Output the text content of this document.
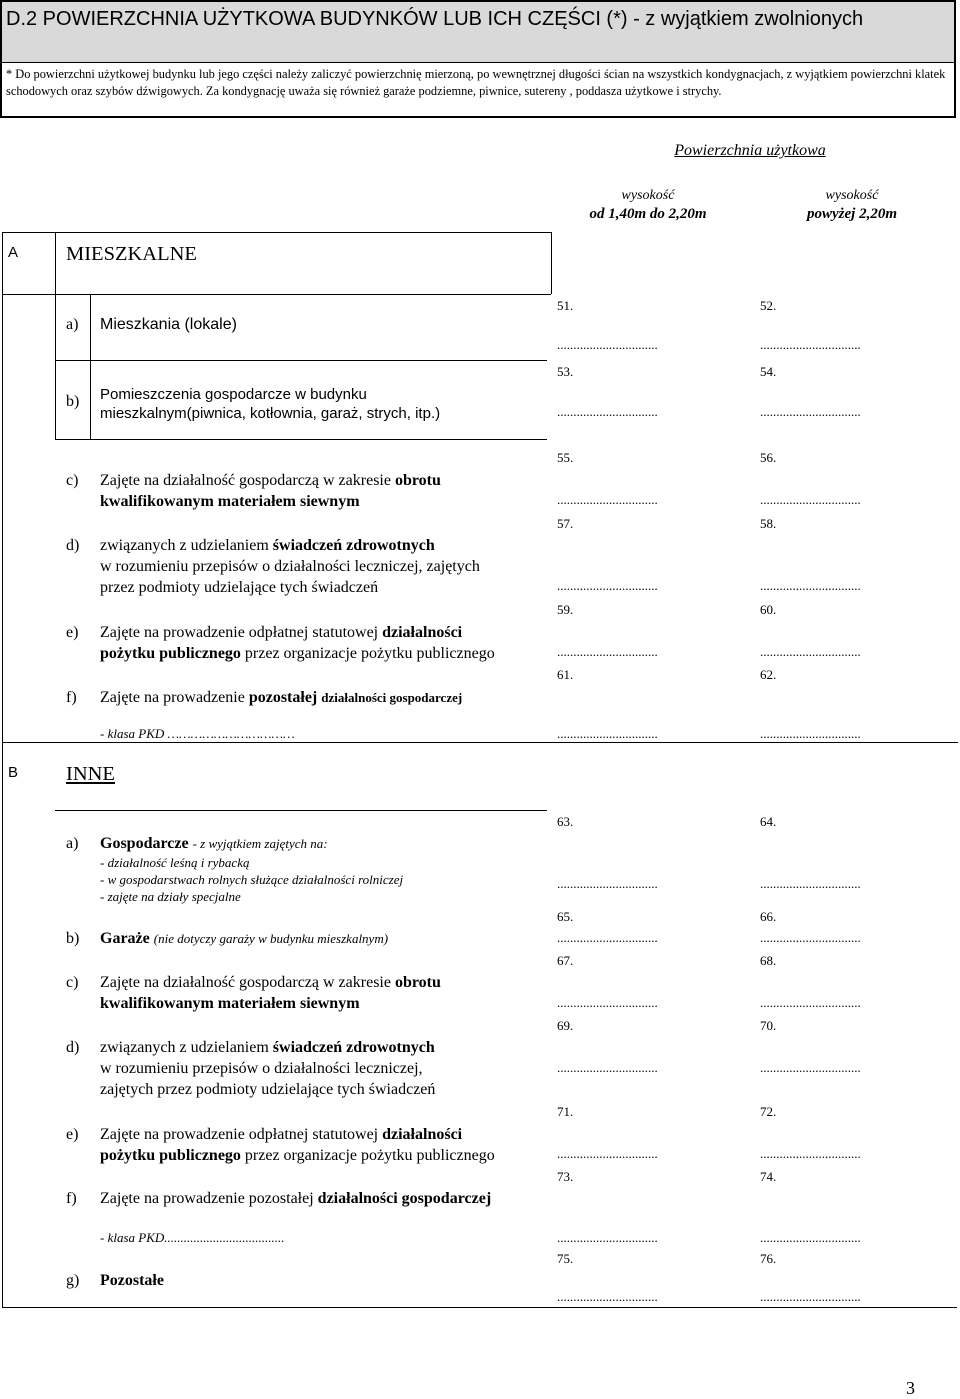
D.2 POWIERZCHNIA UŻYTKOWA BUDYNKÓW LUB ICH CZĘŚCI (*) - z wyjątkiem zwolnionych
* Do powierzchni użytkowej budynku lub jego części należy zaliczyć powierzchnię mierzoną, po wewnętrznej długości ścian na wszystkich kondygnacjach, z wyjątkiem powierzchni klatek schodowych oraz szybów dźwigowych. Za kondygnację uważa się również garaże podziemne, piwnice, sutereny , poddasza użytkowe i strychy.
Powierzchnia użytkowa
wysokość
od 1,40m do 2,20m
wysokość
powyżej 2,20m
A MIESZKALNE
a) Mieszkania (lokale)
51.
...............................
52.
...............................
b) Pomieszczenia gospodarcze w budynku
mieszkalnym(piwnica, kotłownia, garaż, strych, itp.)
53.
...............................
54.
...............................
c) Zajęte na działalność gospodarczą w zakresie obrotu
kwalifikowanym materiałem siewnym
55.
...............................
56.
...............................
d) związanych z udzielaniem świadczeń zdrowotnych
w rozumieniu przepisów o działalności leczniczej, zajętych
przez podmioty udzielające tych świadczeń
57.
...............................
58.
...............................
e) Zajęte na prowadzenie odpłatnej statutowej działalności
pożytku publicznego przez organizacje pożytku publicznego
59.
...............................
60.
...............................
f) Zajęte na prowadzenie pozostałej działalności gospodarczej
- klasa PKD ……………………………
61.
...............................
62.
...............................
B INNE
a) Gospodarcze - z wyjątkiem zajętych na:
- działalność leśną i rybacką
- w gospodarstwach rolnych służące działalności rolniczej
- zajęte na działy specjalne
63.
...............................
64.
...............................
b) Garaże (nie dotyczy garaży w budynku mieszkalnym)
65.
...............................
66.
...............................
c) Zajęte na działalność gospodarczą w zakresie obrotu
kwalifikowanym materiałem siewnym
67.
...............................
68.
...............................
d) związanych z udzielaniem świadczeń zdrowotnych
w rozumieniu przepisów o działalności leczniczej,
zajętych przez podmioty udzielające tych świadczeń
69.
...............................
70.
...............................
e) Zajęte na prowadzenie odpłatnej statutowej działalności
pożytku publicznego przez organizacje pożytku publicznego
71.
...............................
72.
...............................
f) Zajęte na prowadzenie pozostałej działalności gospodarczej
- klasa PKD.....................................
73.
...............................
74.
...............................
g) Pozostałe
75.
...............................
76.
...............................
3
